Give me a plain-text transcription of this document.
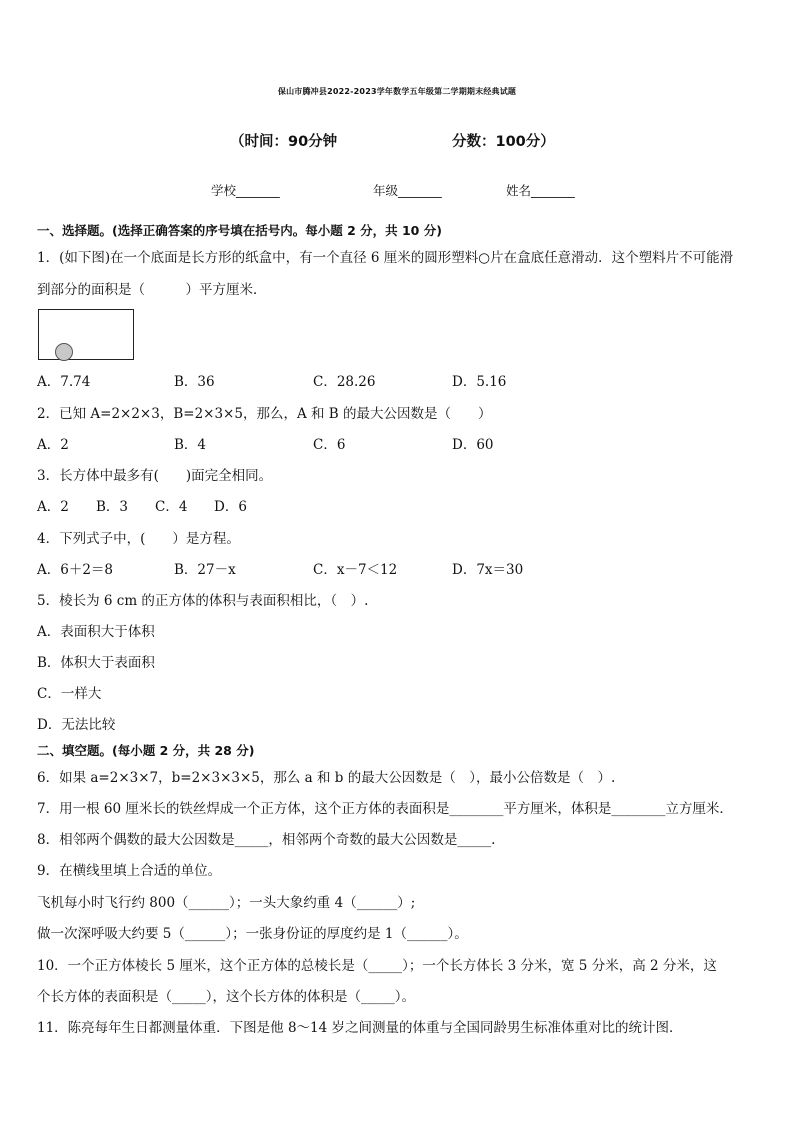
保山市腾冲县2022-2023学年数学五年级第二学期期末经典试题
（时间：90分钟	分数：100分）
学校_______	年级_______	姓名_______
一、选择题。(选择正确答案的序号填在括号内。每小题 2 分，共 10 分)
1．(如下图)在一个底面是长方形的纸盒中，有一个直径 6 厘米的圆形塑料○片在盒底任意滑动．这个塑料片不可能滑
到部分的面积是（　　　）平方厘米．
A．7.74	B．36	C．28.26	D．5.16
2．已知 A=2×2×3，B=2×3×5，那么，A 和 B 的最大公因数是（　　）
A．2	B．4	C．6	D．60
3．长方体中最多有(　　)面完全相同。
A．2 B．3 C．4 D．6
4．下列式子中，(　　）是方程。
A．6＋2＝8	B．27－x	C．x－7＜12	D．7x＝30
5．棱长为 6 cm 的正方体的体积与表面积相比，（　）.
A．表面积大于体积
B．体积大于表面积
C．一样大
D．无法比较
二、填空题。(每小题 2 分，共 28 分)
6．如果 a=2×3×7，b=2×3×3×5，那么 a 和 b 的最大公因数是（　），最小公倍数是（　）.
7．用一根 60 厘米长的铁丝焊成一个正方体，这个正方体的表面积是________平方厘米，体积是________立方厘米．
8．相邻两个偶数的最大公因数是_____，相邻两个奇数的最大公因数是_____.
9．在横线里填上合适的单位。
飞机每小时飞行约 800（______）；一头大象约重 4（______）;
做一次深呼吸大约要 5（______）；一张身份证的厚度约是 1（______）。
10．一个正方体棱长 5 厘米，这个正方体的总棱长是（_____）；一个长方体长 3 分米，宽 5 分米，高 2 分米，这
个长方体的表面积是（_____），这个长方体的体积是（_____）。
11．陈亮每年生日都测量体重．下图是他 8～14 岁之间测量的体重与全国同龄男生标准体重对比的统计图．
